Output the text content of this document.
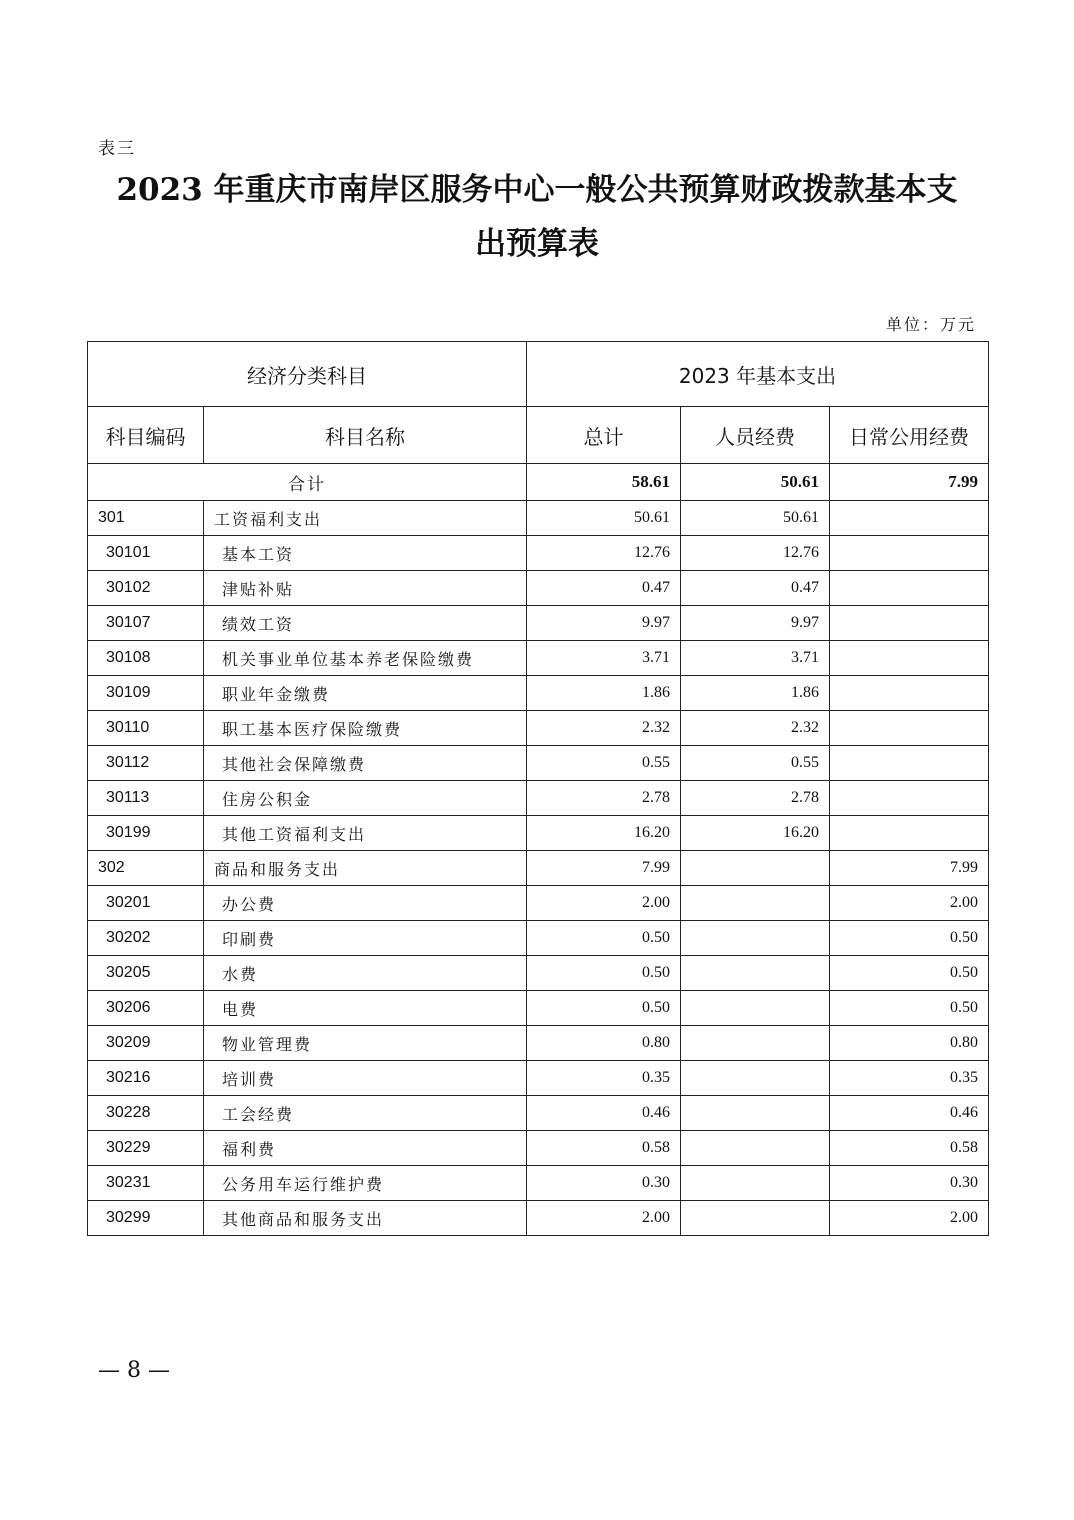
表三
2023 年重庆市南岸区服务中心一般公共预算财政拨款基本支
出预算表
单位：万元
经济分类科目		2023 年基本支出		
科目编码	科目名称	总计	人员经费	日常公用经费
合计		58.61	50.61	7.99
301	工资福利支出	50.61	50.61	
30101	基本工资	12.76	12.76	
30102	津贴补贴	0.47	0.47	
30107	绩效工资	9.97	9.97	
30108	机关事业单位基本养老保险缴费	3.71	3.71	
30109	职业年金缴费	1.86	1.86	
30110	职工基本医疗保险缴费	2.32	2.32	
30112	其他社会保障缴费	0.55	0.55	
30113	住房公积金	2.78	2.78	
30199	其他工资福利支出	16.20	16.20	
302	商品和服务支出	7.99		7.99
30201	办公费	2.00		2.00
30202	印刷费	0.50		0.50
30205	水费	0.50		0.50
30206	电费	0.50		0.50
30209	物业管理费	0.80		0.80
30216	培训费	0.35		0.35
30228	工会经费	0.46		0.46
30229	福利费	0.58		0.58
30231	公务用车运行维护费	0.30		0.30
30299	其他商品和服务支出	2.00		2.00
— 8 —
